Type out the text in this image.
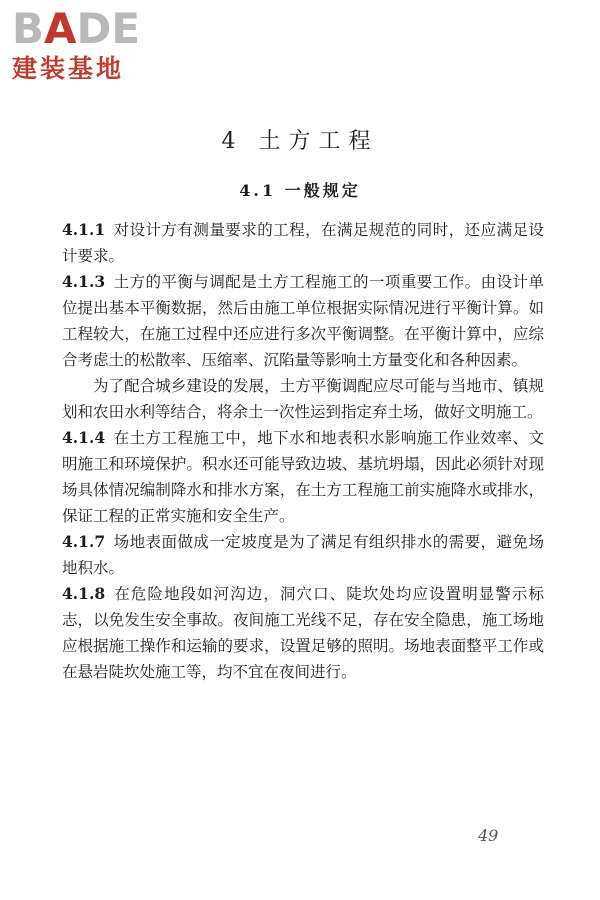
BADE
建装基地
4 土方工程
4.1 一般规定

4.1.1 对设计方有测量要求的工程，在满足规范的同时，还应满足设计要求。

4.1.3 土方的平衡与调配是土方工程施工的一项重要工作。由设计单位提出基本平衡数据，然后由施工单位根据实际情况进行平衡计算。如工程较大，在施工过程中还应进行多次平衡调整。在平衡计算中，应综合考虑土的松散率、压缩率、沉陷量等影响土方量变化和各种因素。

为了配合城乡建设的发展，土方平衡调配应尽可能与当地市、镇规划和农田水利等结合，将余土一次性运到指定弃土场，做好文明施工。

4.1.4 在土方工程施工中，地下水和地表积水影响施工作业效率、文明施工和环境保护。积水还可能导致边坡、基坑坍塌，因此必须针对现场具体情况编制降水和排水方案，在土方工程施工前实施降水或排水，保证工程的正常实施和安全生产。

4.1.7 场地表面做成一定坡度是为了满足有组织排水的需要，避免场地积水。

4.1.8 在危险地段如河沟边，洞穴口、陡坎处均应设置明显警示标志，以免发生安全事故。夜间施工光线不足，存在安全隐患，施工场地应根据施工操作和运输的要求，设置足够的照明。场地表面整平工作或在悬岩陡坎处施工等，均不宜在夜间进行。

49
